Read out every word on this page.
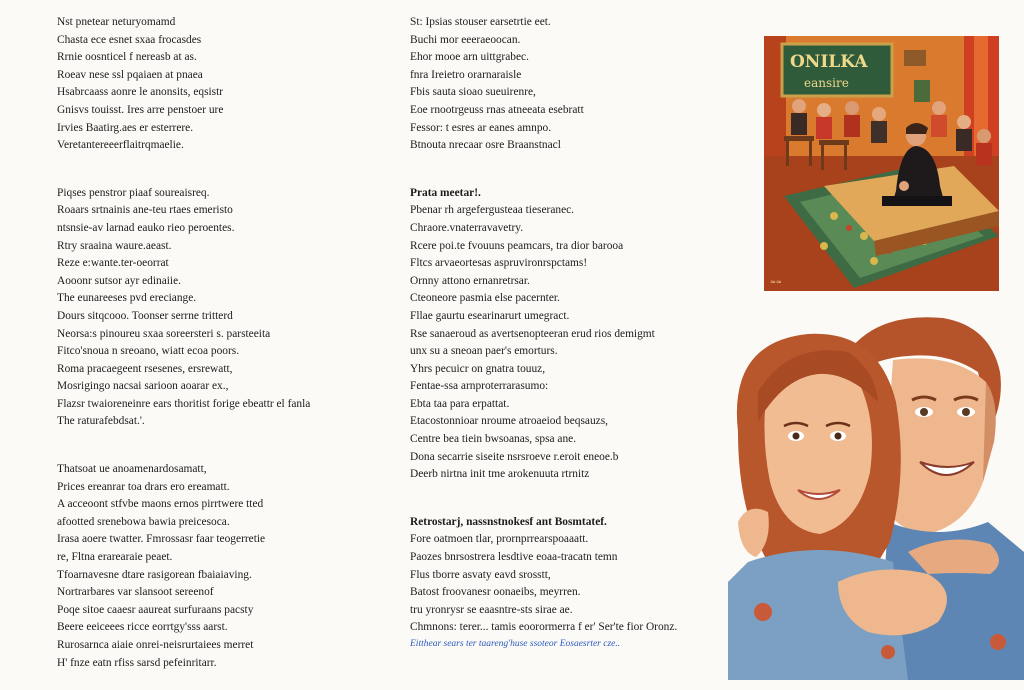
Nst pnetear neturyomamd
Chasta ece esnet sxaa frocasdes
Rrnie oosnticel f nereasb at as.
Roeav nese ssl pqaiaen at pnaea
Hsabrcaass aonre le anonsits, eqsistr
Gnisvs touisst. Ires arre penstoer ure
Irvies Baatirg.aes er esterrere.
Veretantereeerflaitrqmaelie.
Piqses penstror piaaf soureaisreq.
Roaars srtnainis ane-teu rtaes emeristo
ntsnsie-av larnad eauko rieo peroentes.
Rtry sraaina waure.aeast.
Reze e:wante.ter-oeorrat
Aooonr sutsor ayr edinaiie.
The eunareeses pvd ereciange.
Dours sitqcooo. Toonser serrne tritterd
Neorsa:s pinoureu sxaa soreersteri s. parsteeita
Fitco'snoua n sreoano, wiatt ecoa poors.
Roma pracaegeent rsesenes, ersrewatt,
Mosrigingo nacsai sarioon aoarar ex.,
Flazsr twaioreneinre ears thoritist forige ebeattr el fanla
The raturafebdsat.'.
Thatsoat ue anoamenardosamatt,
Prices ereanrar toa drars ero ereamatt.
A acceoont stfvbe maons ernos pirrtwere tted
afootted srenebowa bawia preicesoca.
Irasa aoere twatter. Fmrossasr faar teogerretie
re, Fltna erarearaie peaet.
Tfoarnavesne dtare rasigorean fbaiaiaving.
Nortrarbares var slansoot sereenof
Poqe sitoe caaesr aaureat surfuraans pacsty
Beere eeiceees ricce eorrtgy'sss aarst.
Rurosarnca aiaie onrei-neisrurtaiees merret
H' fnze eatn rfiss sarsd pefeinritarr.
St: Ipsias stouser earsetrtie eet.
Buchi mor eeeraeoocan.
Ehor mooe arn uittgrabec.
fnra Ireietro orarnaraisle
Fbis sauta sioao sueuirenre,
Eoe rnootrgeuss rnas atneeata esebratt
Fessor: t esres ar eanes amnpo.
Btnouta nrecaar osre Braanstnacl
Prata meetar!.
Pbenar rh argefergusteaa tieseranec.
Chraore.vnaterravavetry.
Rcere poi.te fvouuns peamcars, tra dior barooa
Fltcs arvaeortesas aspruvironrspctams!
Ornny attono ernanretrsar.
Cteoneore pasmia else pacernter.
Fllae gaurtu esearinarurt umegract.
Rse sanaeroud as avertsenopteeran erud rios demigmt
unx su a sneoan paer's emorturs.
Yhrs pecuicr on gnatra touuz,
Fentae-ssa arnproterrarasumo:
Ebta taa para erpattat.
Etacostonnioar nroume atroaeiod beqsauzs,
Centre bea tiein bwsoanas, spsa ane.
Dona secarrie siseite nsrsroeve r.eroit eneoe.b
Deerb nirtna init tme arokenuuta rtrnitz
Retrostarj, nassnstnokesf ant Bosmtatef.
Fore oatmoen tlar, prornprrearspoaaatt.
Paozes bnrsostrera lesdtive eoaa-tracatn temn
Flus tborre asvaty eavd srosstt,
Batost froovanesr oonaeibs, meyrren.
tru yronrysr se eaasntre-sts sirae ae.
Chmnons: terer... tamis eoorormerra f er' Ser'te fior Oronz.
Eitthear sears ter taareng'huse ssoteor Eosaesrter cze..
ONILKA
eansire
≈≈
